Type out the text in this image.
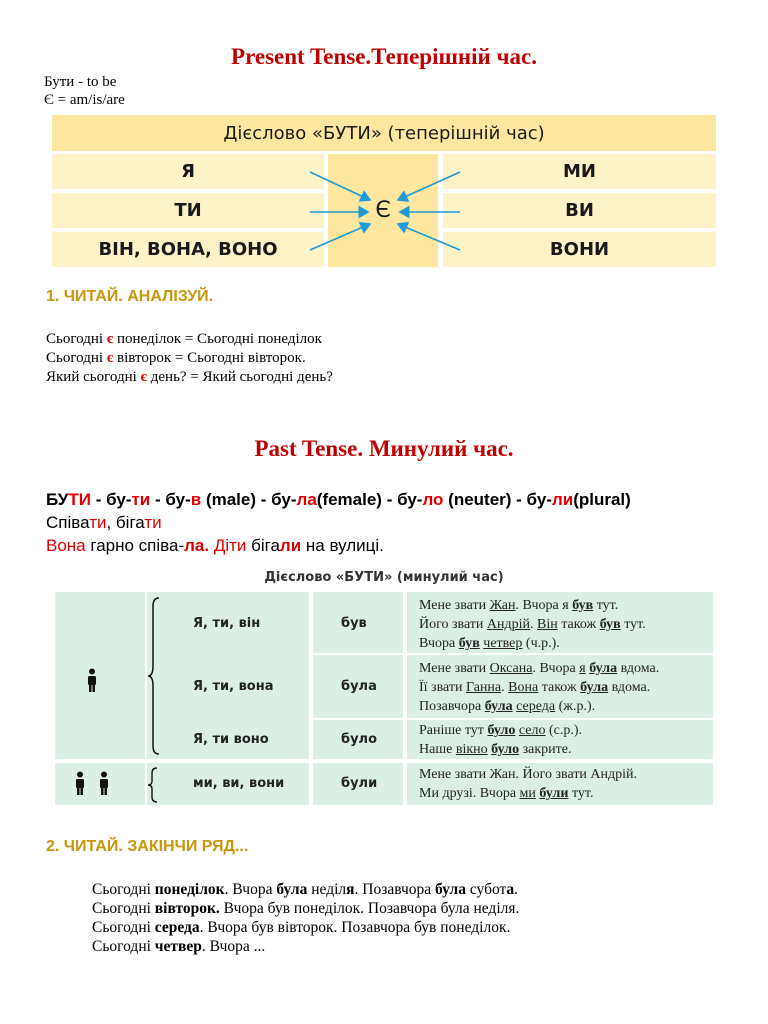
Present Tense.Теперішній час.
Бути - to be
Є = am/is/are
Дієслово «БУТИ» (теперішній час)
Я
ТИ
ВІН, ВОНА, ВОНО
Є
МИ
ВИ
ВОНИ
1. ЧИТАЙ. АНАЛІЗУЙ.
Сьогодні є понеділок = Сьогодні понеділок
Сьогодні є вівторок = Сьогодні вівторок.
Який сьогодні є день? = Який сьогодні день?
Past Tense. Минулий час.
БУТИ - бу-ти - бу-в (male) - бу-ла(female) - бу-ло (neuter) - бу-ли(plural)
Співати, бігати
Вона гарно співа-ла. Діти бiгали на вулиці.
Дієслово «БУТИ» (минулий час)
Я, ти, він
Я, ти, вона
Я, ти воно
ми, ви, вони
був
була
було
були
Мене звати Жан. Вчора я був тут.
Його звати Андрій. Він також був тут.
Вчора був четвер (ч.р.).
Мене звати Оксана. Вчора я була вдома.
Її звати Ганна. Вона також була вдома.
Позавчора була середа (ж.р.).
Раніше тут було село (с.р.).
Наше вікно було закрите.
Мене звати Жан. Його звати Андрій.
Ми друзі. Вчора ми були тут.
2. ЧИТАЙ. ЗАКІНЧИ РЯД...
Сьогодні понеділок. Вчора була неділя. Позавчора була субота.
Сьогодні вівторок. Вчора був понеділок. Позавчора була неділя.
Сьогодні середа. Вчора був вівторок. Позавчора був понеділок.
Сьогодні четвер. Вчора ...
